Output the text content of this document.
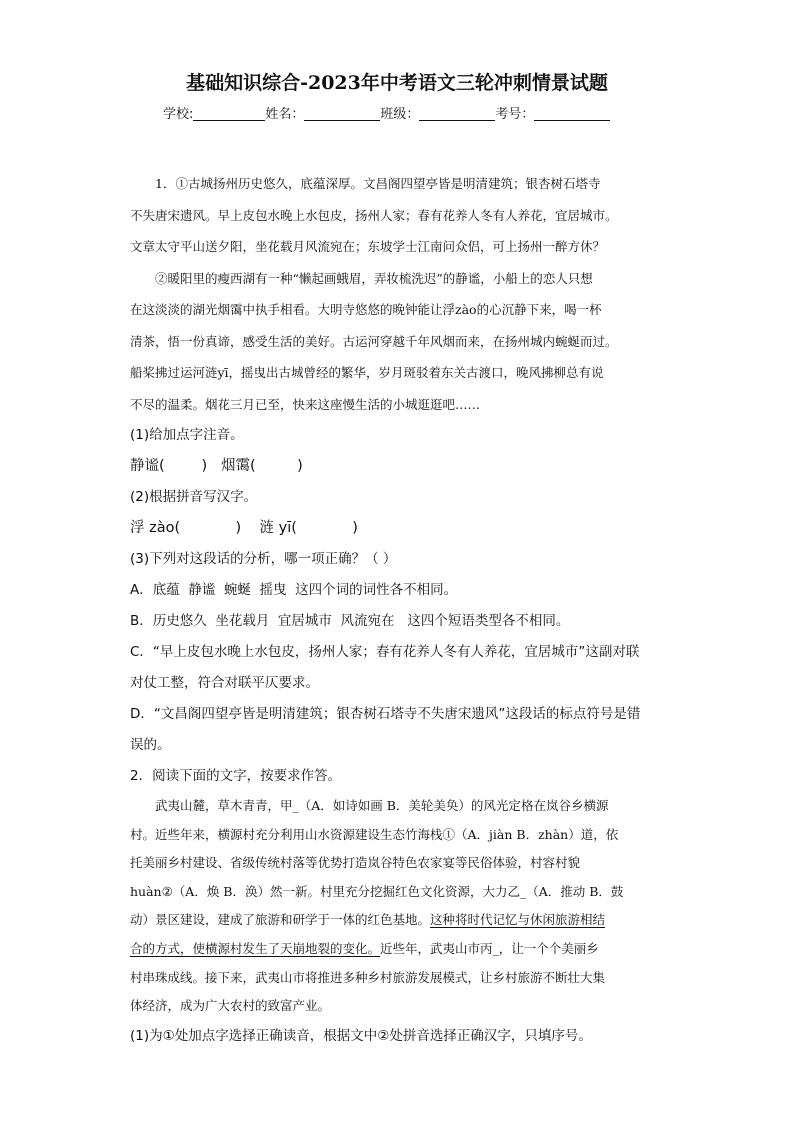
基础知识综合-2023年中考语文三轮冲刺情景试题
学校:	姓名：	班级：	考号：

1．①古城扬州历史悠久，底蕴深厚。文昌阁四望亭皆是明清建筑；银杏树石塔寺

不失唐宋遗风。早上皮包水晚上水包皮，扬州人家；春有花养人冬有人养花，宜居城市。

文章太守平山送夕阳，坐花载月风流宛在；东坡学士江南问众侣，可上扬州一醉方休？

②暖阳里的瘦西湖有一种“懒起画蛾眉，弄妆梳洗迟”的静谧，小船上的恋人只想

在这淡淡的湖光烟霭中执手相看。大明寺悠悠的晚钟能让浮zào的心沉静下来，喝一杯

清茶，悟一份真谛，感受生活的美好。古运河穿越千年风烟而来，在扬州城内蜿蜒而过。

船桨拂过运河涟yī，摇曳出古城曾经的繁华，岁月斑驳着东关古渡口，晚风拂柳总有说

不尽的温柔。烟花三月已至，快来这座慢生活的小城逛逛吧……

(1)给加点字注音。

静谧(        )   烟霭(         )

(2)根据拼音写汉字。

浮 zào(            )    涟 yī(            )

(3)下列对这段话的分析，哪一项正确？（ ）

A．底蕴  静谧  蜿蜒  摇曳  这四个词的词性各不相同。

B．历史悠久  坐花载月  宜居城市  风流宛在   这四个短语类型各不相同。

C．“早上皮包水晚上水包皮，扬州人家；春有花养人冬有人养花，宜居城市”这副对联

对仗工整，符合对联平仄要求。

D．“文昌阁四望亭皆是明清建筑；银杏树石塔寺不失唐宋遗风”这段话的标点符号是错

误的。

2．阅读下面的文字，按要求作答。

武夷山麓，草木青青，甲_（A．如诗如画 B．美轮美奂）的风光定格在岚谷乡横源

村。近些年来，横源村充分利用山水资源建设生态竹海栈①（A．jiàn B．zhàn）道，依

托美丽乡村建设、省级传统村落等优势打造岚谷特色农家宴等民俗体验，村容村貌

huàn②（A．焕 B．涣）然一新。村里充分挖掘红色文化资源，大力乙_（A．推动 B．鼓

动）景区建设，建成了旅游和研学于一体的红色基地。这种将时代记忆与休闲旅游相结

合的方式，使横源村发生了天崩地裂的变化。近些年，武夷山市丙_，让一个个美丽乡

村串珠成线。接下来，武夷山市将推进多种乡村旅游发展模式，让乡村旅游不断壮大集

体经济，成为广大农村的致富产业。

(1)为①处加点字选择正确读音，根据文中②处拼音选择正确汉字，只填序号。
